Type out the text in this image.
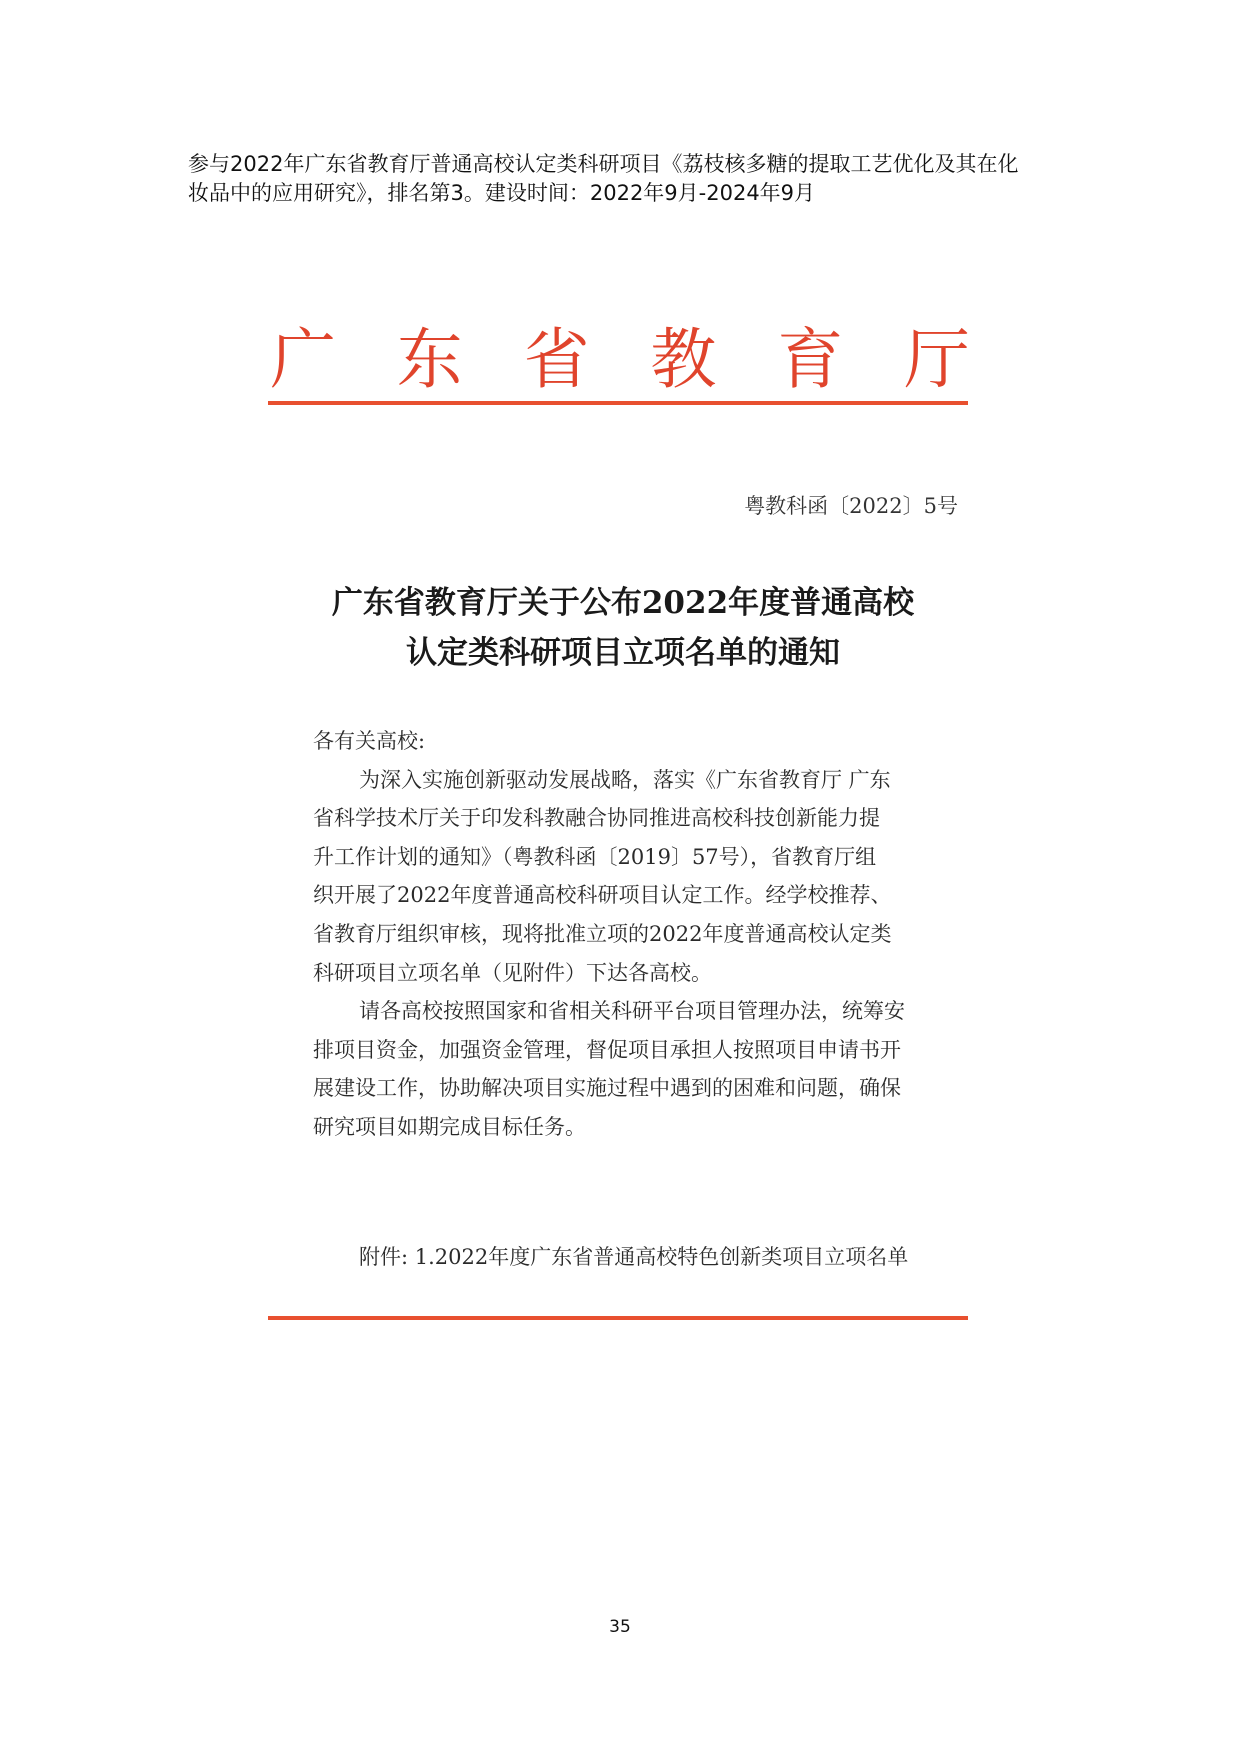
参与2022年广东省教育厅普通高校认定类科研项目《荔枝核多糖的提取工艺优化及其在化
妆品中的应用研究》，排名第3。建设时间：2022年9月-2024年9月
广 东 省 教 育 厅
粤教科函〔2022〕5号
广东省教育厅关于公布2022年度普通高校
认定类科研项目立项名单的通知
各有关高校:
为深入实施创新驱动发展战略，落实《广东省教育厅 广东
省科学技术厅关于印发科教融合协同推进高校科技创新能力提
升工作计划的通知》（粤教科函〔2019〕57号），省教育厅组
织开展了2022年度普通高校科研项目认定工作。经学校推荐、
省教育厅组织审核，现将批准立项的2022年度普通高校认定类
科研项目立项名单（见附件）下达各高校。
请各高校按照国家和省相关科研平台项目管理办法，统筹安
排项目资金，加强资金管理，督促项目承担人按照项目申请书开
展建设工作，协助解决项目实施过程中遇到的困难和问题，确保
研究项目如期完成目标任务。
附件: 1.2022年度广东省普通高校特色创新类项目立项名单
35
